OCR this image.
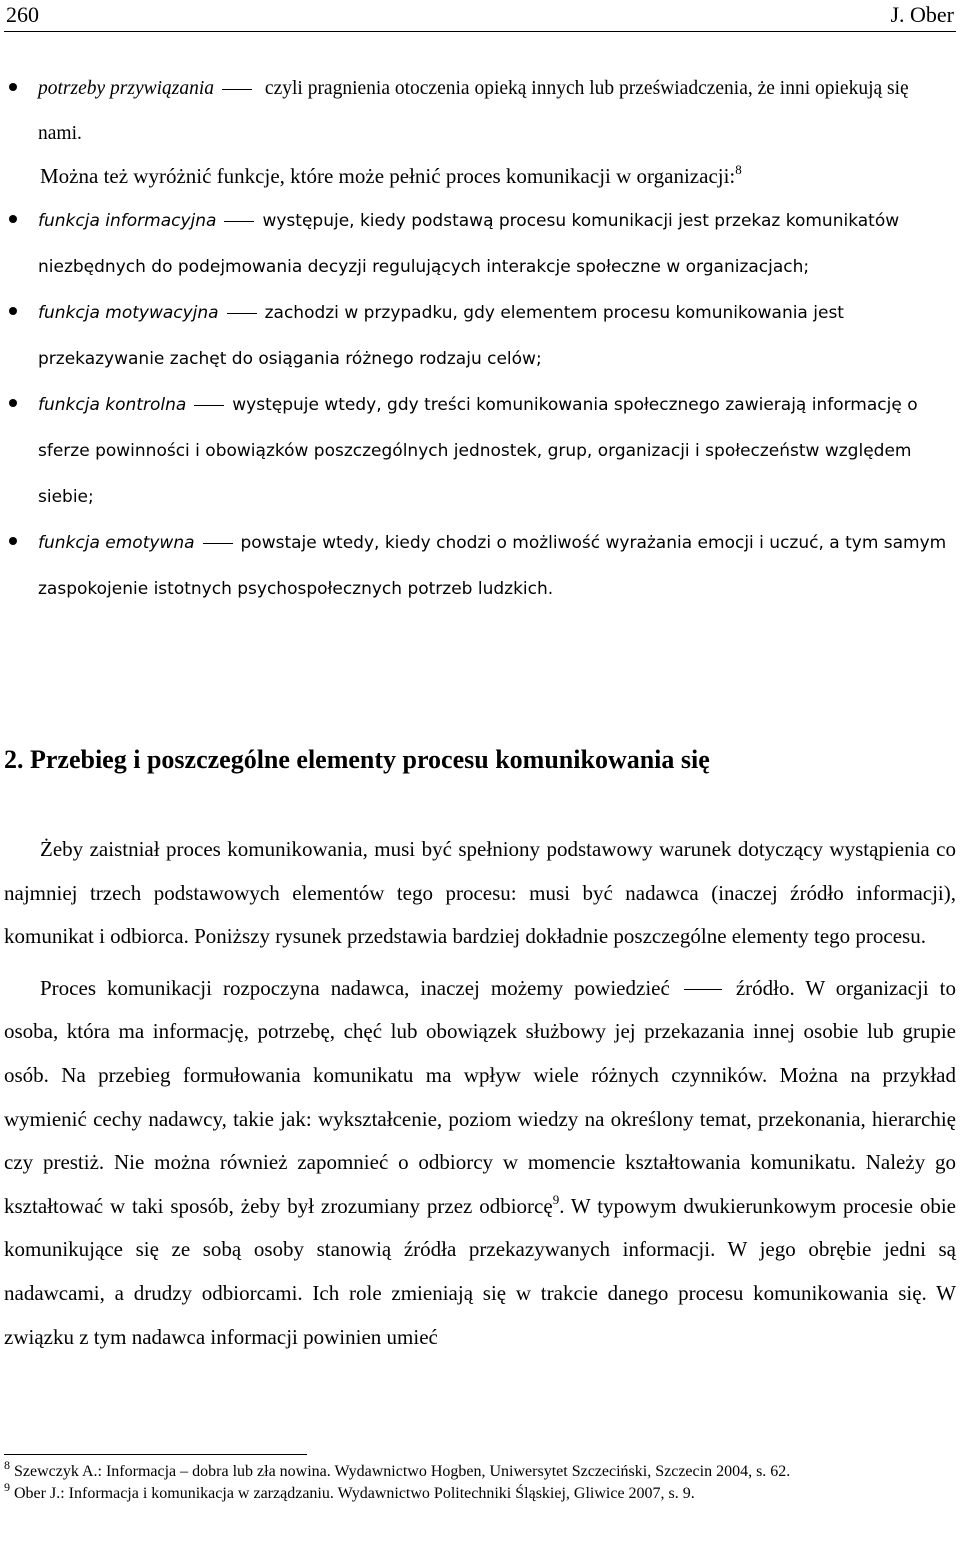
260	J. Ober
potrzeby przywiązania czyli pragnienia otoczenia opieką innych lub przeświadczenia, że inni opiekują się nami.
Można też wyróżnić funkcje, które może pełnić proces komunikacji w organizacji:$^8$
funkcja informacyjna	występuje, kiedy podstawą procesu komunikacji jest przekaz komunikatów niezbędnych do podejmowania decyzji regulujących interakcje społeczne w organizacjach;
funkcja motywacyjna	zachodzi w przypadku, gdy elementem procesu komunikowania jest przekazywanie zachęt do osiągania różnego rodzaju celów;
funkcja kontrolna	występuje wtedy, gdy treści komunikowania społecznego zawierają informację o sferze powinności i obowiązków poszczególnych jednostek, grup, organizacji i społeczeństw względem siebie;
funkcja emotywna	powstaje wtedy, kiedy chodzi o możliwość wyrażania emocji i uczuć, a tym samym zaspokojenie istotnych psychospołecznych potrzeb ludzkich.
2. Przebieg i poszczególne elementy procesu komunikowania się
Żeby zaistniał proces komunikowania, musi być spełniony podstawowy warunek dotyczący wystąpienia co najmniej trzech podstawowych elementów tego procesu: musi być nadawca (inaczej źródło informacji), komunikat i odbiorca. Poniższy rysunek przedstawia bardziej dokładnie poszczególne elementy tego procesu.
Proces komunikacji rozpoczyna nadawca, inaczej możemy powiedzieć	źródło. W organizacji to osoba, która ma informację, potrzebę, chęć lub obowiązek służbowy jej przekazania innej osobie lub grupie osób. Na przebieg formułowania komunikatu ma wpływ wiele różnych czynników. Można na przykład wymienić cechy nadawcy, takie jak: wykształcenie, poziom wiedzy na określony temat, przekonania, hierarchię czy prestiż. Nie można również zapomnieć o odbiorcy w momencie kształtowania komunikatu. Należy go kształtować w taki sposób, żeby był zrozumiany przez odbiorcę$^9$. W typowym dwukierunkowym procesie obie komunikujące się ze sobą osoby stanowią źródła przekazywanych informacji. W jego obrębie jedni są nadawcami, a drudzy odbiorcami. Ich role zmieniają się w trakcie danego procesu komunikowania się. W związku z tym nadawca informacji powinien umieć
$^8$ Szewczyk A.: Informacja – dobra lub zła nowina. Wydawnictwo Hogben, Uniwersytet Szczeciński, Szczecin 2004, s. 62.
$^9$ Ober J.: Informacja i komunikacja w zarządzaniu. Wydawnictwo Politechniki Śląskiej, Gliwice 2007, s. 9.
